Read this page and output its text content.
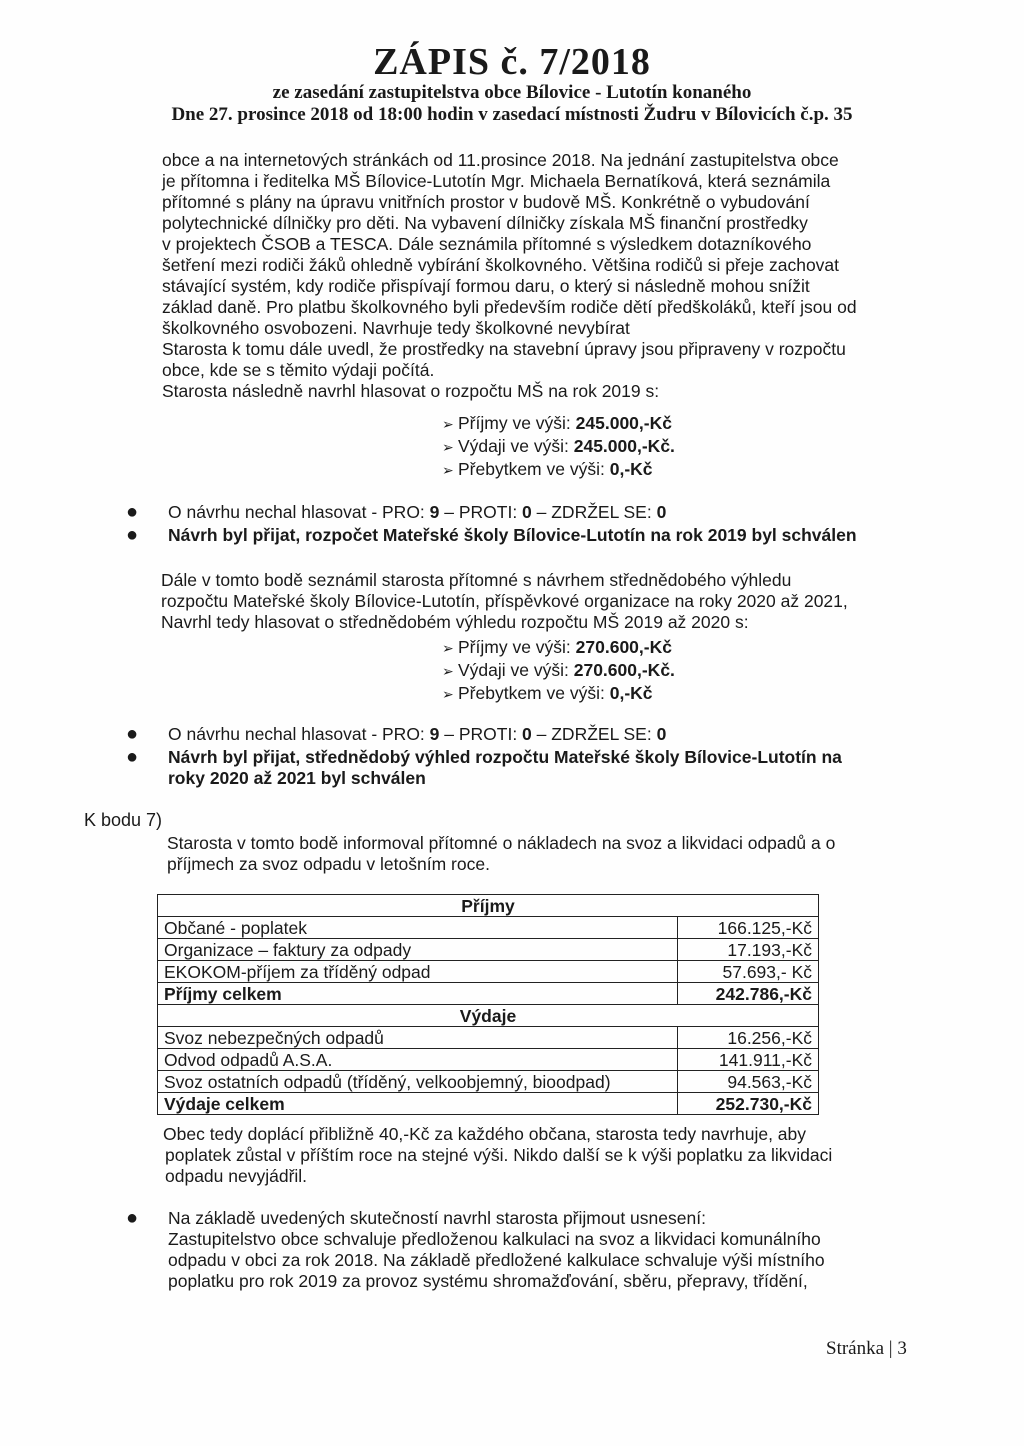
ZÁPIS č. 7/2018
ze zasedání zastupitelstva obce Bílovice - Lutotín konaného
Dne 27. prosince 2018 od 18:00 hodin v zasedací místnosti Žudru v Bílovicích č.p. 35
obce a na internetových stránkách od 11.prosince 2018. Na jednání zastupitelstva obce
je přítomna i ředitelka MŠ Bílovice-Lutotín Mgr. Michaela Bernatíková, která seznámila
přítomné s plány na úpravu vnitřních prostor v budově MŠ. Konkrétně o vybudování
polytechnické dílničky pro děti. Na vybavení dílničky získala MŠ finanční prostředky
v projektech ČSOB a TESCA. Dále seznámila přítomné s výsledkem dotazníkového
šetření mezi rodiči žáků ohledně vybírání školkovného. Většina rodičů si přeje zachovat
stávající systém, kdy rodiče přispívají formou daru, o který si následně mohou snížit
základ daně. Pro platbu školkovného byli především rodiče dětí předškoláků, kteří jsou od
školkovného osvobozeni. Navrhuje tedy školkovné nevybírat
Starosta k tomu dále uvedl, že prostředky na stavební úpravy jsou připraveny v rozpočtu
obce, kde se s těmito výdaji počítá.
Starosta následně navrhl hlasovat o rozpočtu MŠ na rok 2019 s:
➢ Příjmy ve výši: 245.000,-Kč
➢ Výdaji ve výši: 245.000,-Kč.
➢ Přebytkem ve výši: 0,-Kč
● O návrhu nechal hlasovat - PRO: 9 – PROTI: 0 – ZDRŽEL SE: 0
● Návrh byl přijat, rozpočet Mateřské školy Bílovice-Lutotín na rok 2019 byl schválen
Dále v tomto bodě seznámil starosta přítomné s návrhem střednědobého výhledu
rozpočtu Mateřské školy Bílovice-Lutotín, příspěvkové organizace na roky 2020 až 2021,
Navrhl tedy hlasovat o střednědobém výhledu rozpočtu MŠ 2019 až 2020 s:
➢ Příjmy ve výši: 270.600,-Kč
➢ Výdaji ve výši: 270.600,-Kč.
➢ Přebytkem ve výši: 0,-Kč
● O návrhu nechal hlasovat - PRO: 9 – PROTI: 0 – ZDRŽEL SE: 0
● Návrh byl přijat, střednědobý výhled rozpočtu Mateřské školy Bílovice-Lutotín na
roky 2020 až 2021 byl schválen
K bodu 7)
Starosta v tomto bodě informoval přítomné o nákladech na svoz a likvidaci odpadů a o
příjmech za svoz odpadu v letošním roce.
Příjmy	
Občané - poplatek	166.125,-Kč
Organizace – faktury za odpady	17.193,-Kč
EKOKOM-příjem za tříděný odpad	57.693,- Kč
Příjmy celkem	242.786,-Kč
Výdaje	
Svoz nebezpečných odpadů	16.256,-Kč
Odvod odpadů A.S.A.	141.911,-Kč
Svoz ostatních odpadů (tříděný, velkoobjemný, bioodpad)	94.563,-Kč
Výdaje celkem	252.730,-Kč
Obec tedy doplácí přibližně 40,-Kč za každého občana, starosta tedy navrhuje, aby
poplatek zůstal v příštím roce na stejné výši. Nikdo další se k výši poplatku za likvidaci
odpadu nevyjádřil.
● Na základě uvedených skutečností navrhl starosta přijmout usnesení:
Zastupitelstvo obce schvaluje předloženou kalkulaci na svoz a likvidaci komunálního
odpadu v obci za rok 2018. Na základě předložené kalkulace schvaluje výši místního
poplatku pro rok 2019 za provoz systému shromažďování, sběru, přepravy, třídění,
Stránka | 3
